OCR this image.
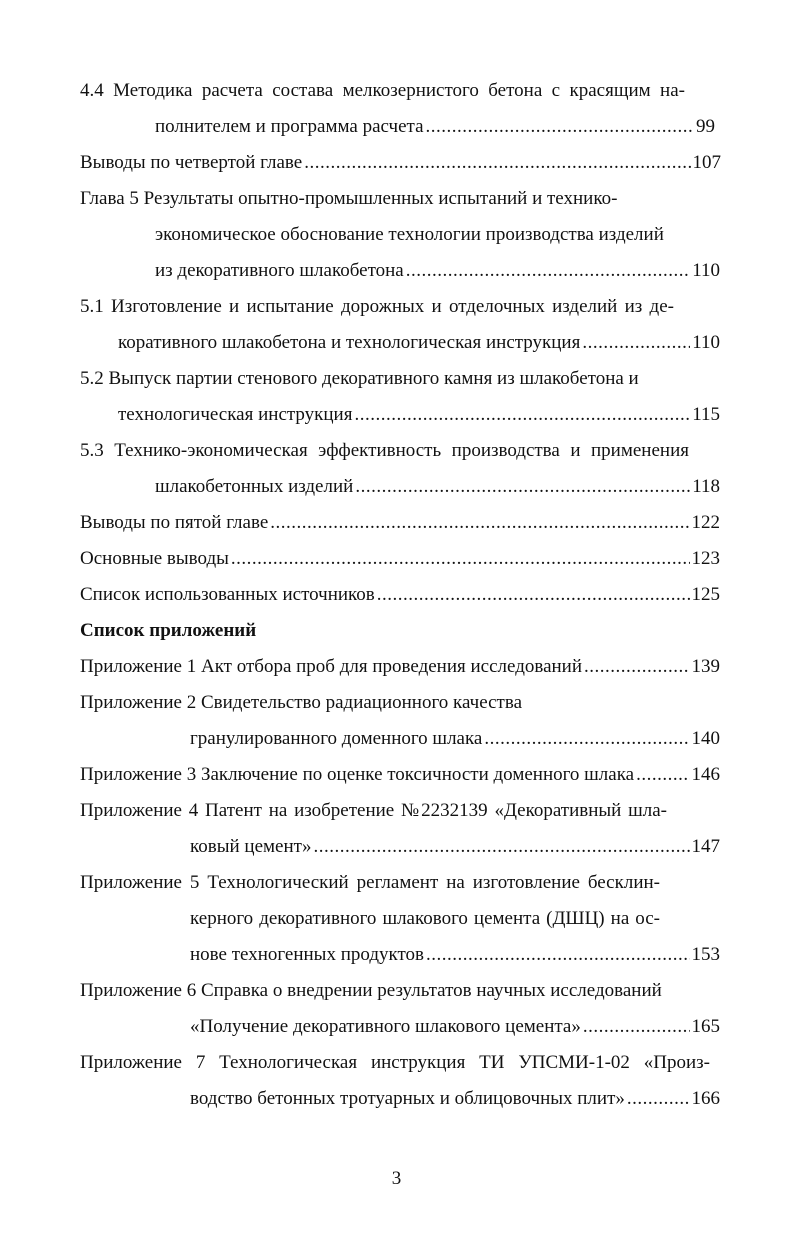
4.4 Методика расчета состава мелкозернистого бетона с красящим на-
полнителем и программа расчета .....	99
Выводы по четвертой главе .....	107
Глава 5 Результаты опытно-промышленных испытаний и технико-
экономическое обоснование технологии производства изделий
из декоративного шлакобетона .....	110
5.1 Изготовление и испытание дорожных и отделочных изделий из де-
коративного шлакобетона и технологическая инструкция .....	110
5.2 Выпуск партии стенового декоративного камня из шлакобетона и
технологическая инструкция .....	115
5.3 Технико-экономическая эффективность производства и применения
шлакобетонных изделий .....	118
Выводы по пятой главе .....	122
Основные выводы .....	123
Список использованных источников .....	125
Список приложений
Приложение 1 Акт отбора проб для проведения исследований .....	139
Приложение 2 Свидетельство радиационного качества
гранулированного доменного шлака .....	140
Приложение 3 Заключение по оценке токсичности доменного шлака .....	146
Приложение 4 Патент на изобретение №2232139 «Декоративный шла-
ковый цемент» .....	147
Приложение 5 Технологический регламент на изготовление бесклин-
керного декоративного шлакового цемента (ДШЦ) на ос-
нове техногенных продуктов .....	153
Приложение 6 Справка о внедрении результатов научных исследований
«Получение декоративного шлакового цемента» .....	165
Приложение 7 Технологическая инструкция ТИ УПСМИ-1-02 «Произ-
водство бетонных тротуарных и облицовочных плит» .....	166
3
